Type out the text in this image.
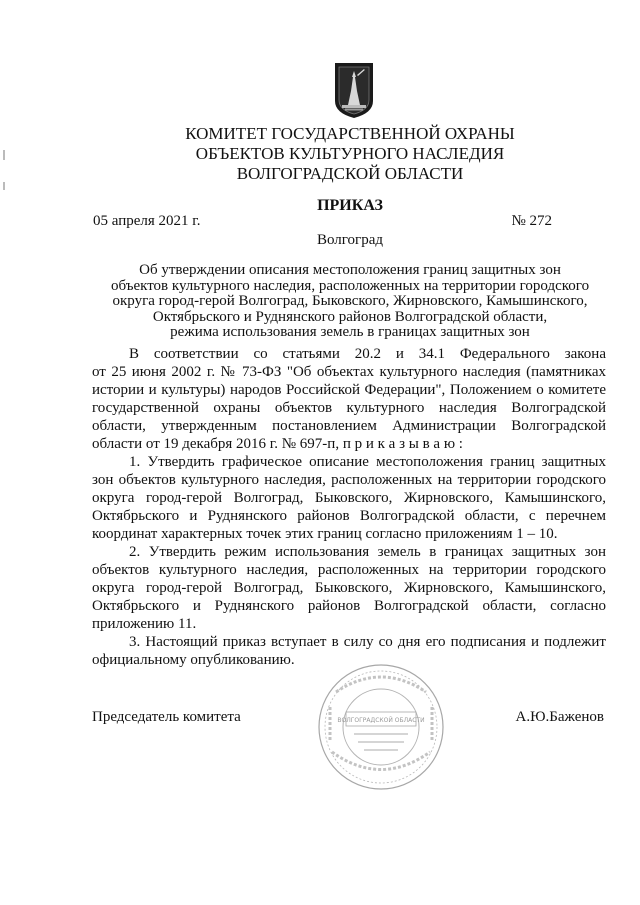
КОМИТЕТ ГОСУДАРСТВЕННОЙ ОХРАНЫ
ОБЪЕКТОВ КУЛЬТУРНОГО НАСЛЕДИЯ
ВОЛГОГРАДСКОЙ ОБЛАСТИ
ПРИКАЗ
05 апреля 2021 г.	№ 272
Волгоград
Об утверждении описания местоположения границ защитных зон
объектов культурного наследия, расположенных на территории городского
округа город-герой Волгоград, Быковского, Жирновского, Камышинского,
Октябрьского и Руднянского районов Волгоградской области,
режима использования земель в границах защитных зон
В соответствии со статьями 20.2 и 34.1 Федерального закона
от 25 июня 2002 г. № 73-ФЗ "Об объектах культурного наследия (памятниках
истории и культуры) народов Российской Федерации", Положением о комитете
государственной охраны объектов культурного наследия Волгоградской
области, утвержденным постановлением Администрации Волгоградской
области от 19 декабря 2016 г. № 697-п, п р и к а з ы в а ю :
1. Утвердить графическое описание местоположения границ защитных
зон объектов культурного наследия, расположенных на территории городского
округа город-герой Волгоград, Быковского, Жирновского, Камышинского,
Октябрьского и Руднянского районов Волгоградской области, с перечнем
координат характерных точек этих границ согласно приложениям 1 – 10.
2. Утвердить режим использования земель в границах защитных зон
объектов культурного наследия, расположенных на территории городского
округа город-герой Волгоград, Быковского, Жирновского, Камышинского,
Октябрьского и Руднянского районов Волгоградской области, согласно
приложению 11.
3. Настоящий приказ вступает в силу со дня его подписания и подлежит
официальному опубликованию.
Председатель комитета	А.Ю.Баженов
ВОЛГОГРАДСКОЙ ОБЛАСТИ
